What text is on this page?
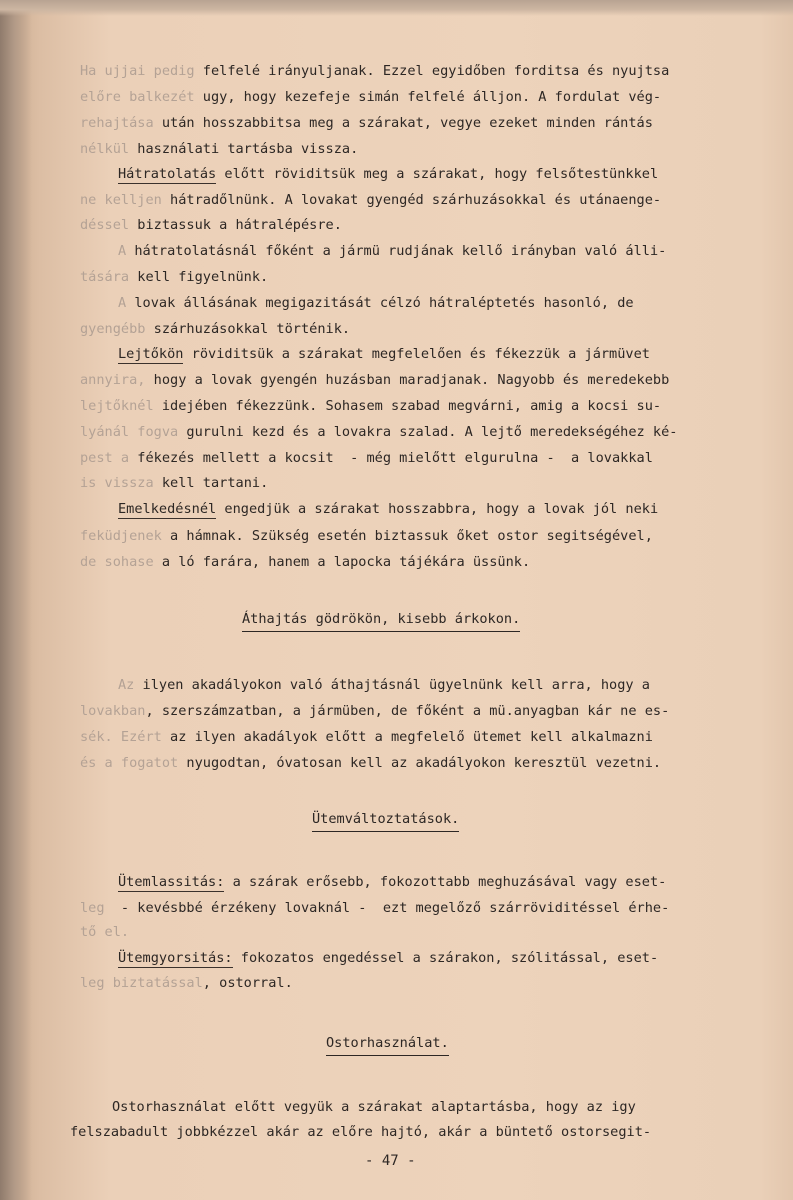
Ha ujjai pedig felfelé irányuljanak. Ezzel egyidőben forditsa és nyujtsa
előre balkezét ugy, hogy kezefeje simán felfelé álljon. A fordulat vég-
rehajtása után hosszabbitsa meg a szárakat, vegye ezeket minden rántás
nélkül használati tartásba vissza.
Hátratolatás előtt röviditsük meg a szárakat, hogy felsőtestünkkel
ne kelljen hátradőlnünk. A lovakat gyengéd szárhuzásokkal és utánaenge-
déssel biztassuk a hátralépésre.
A hátratolatásnál főként a jármü rudjának kellő irányban való álli-
tására kell figyelnünk.
A lovak állásának megigazitását célzó hátraléptetés hasonló, de
gyengébb szárhuzásokkal történik.
Lejtőkön röviditsük a szárakat megfelelően és fékezzük a jármüvet
annyira, hogy a lovak gyengén huzásban maradjanak. Nagyobb és meredekebb
lejtőknél idejében fékezzünk. Sohasem szabad megvárni, amig a kocsi su-
lyánál fogva gurulni kezd és a lovakra szalad. A lejtő meredekségéhez ké-
pest a fékezés mellett a kocsit  - még mielőtt elgurulna -  a lovakkal
is vissza kell tartani.
Emelkedésnél engedjük a szárakat hosszabbra, hogy a lovak jól neki
feküdjenek a hámnak. Szükség esetén biztassuk őket ostor segitségével,
de sohase a ló farára, hanem a lapocka tájékára üssünk.
Áthajtás gödrökön, kisebb árkokon.
Az ilyen akadályokon való áthajtásnál ügyelnünk kell arra, hogy a
lovakban, szerszámzatban, a jármüben, de főként a mü.anyagban kár ne es-
sék. Ezért az ilyen akadályok előtt a megfelelő ütemet kell alkalmazni
és a fogatot nyugodtan, óvatosan kell az akadályokon keresztül vezetni.
Ütemváltoztatások.
Ütemlassitás: a szárak erősebb, fokozottabb meghuzásával vagy eset-
leg  - kevésbbé érzékeny lovaknál -  ezt megelőző szárröviditéssel érhe-
tő el.
Ütemgyorsitás: fokozatos engedéssel a szárakon, szólitással, eset-
leg biztatással, ostorral.
Ostorhasználat.
Ostorhasználat előtt vegyük a szárakat alaptartásba, hogy az igy
felszabadult jobbkézzel akár az előre hajtó, akár a büntető ostorsegit-
- 47 -
